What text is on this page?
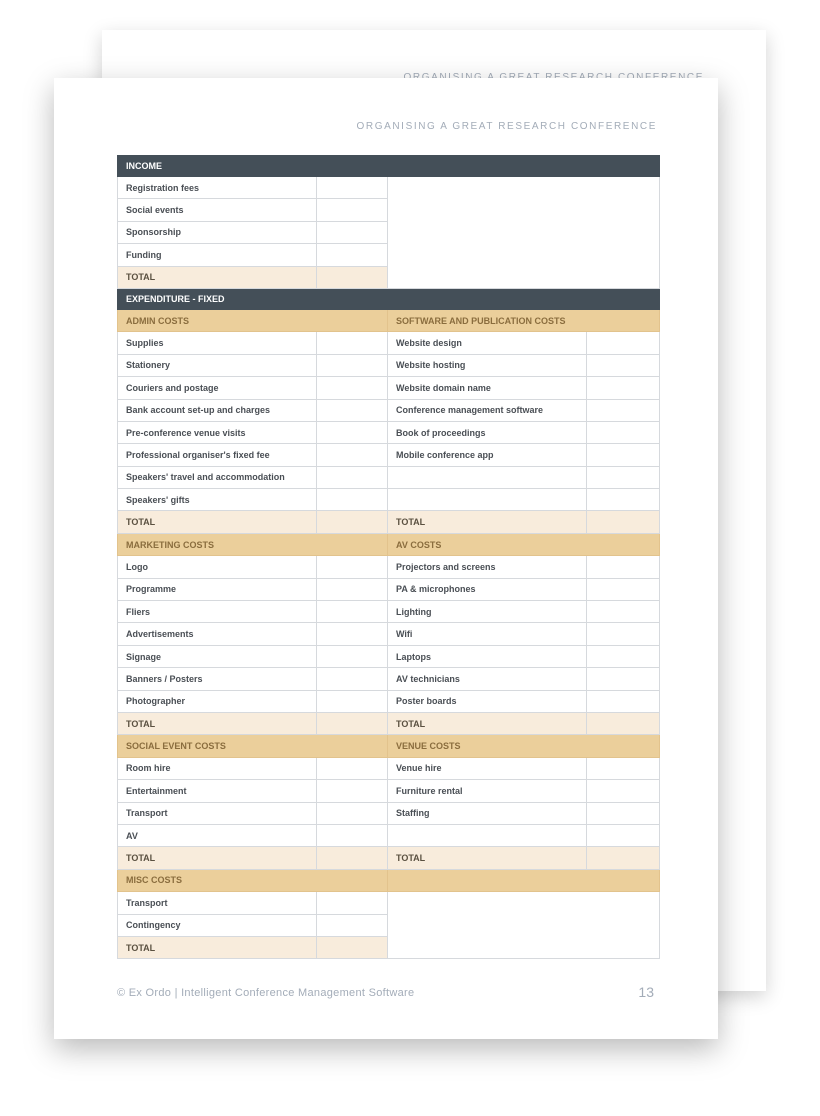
ORGANISING A GREAT RESEARCH CONFERENCE
INCOME			
Registration fees			
Social events			
Sponsorship			
Funding			
TOTAL			
EXPENDITURE - FIXED			
ADMIN COSTS		SOFTWARE AND PUBLICATION COSTS	
Supplies		Website design	
Stationery		Website hosting	
Couriers and postage		Website domain name	
Bank account set-up and charges		Conference management software	
Pre-conference venue visits		Book of proceedings	
Professional organiser's fixed fee		Mobile conference app	
Speakers' travel and accommodation			
Speakers' gifts			
TOTAL		TOTAL	
MARKETING COSTS		AV COSTS	
Logo		Projectors and screens	
Programme		PA & microphones	
Fliers		Lighting	
Advertisements		Wifi	
Signage		Laptops	
Banners / Posters		AV technicians	
Photographer		Poster boards	
TOTAL		TOTAL	
SOCIAL EVENT COSTS		VENUE COSTS	
Room hire		Venue hire	
Entertainment		Furniture rental	
Transport		Staffing	
AV			
TOTAL		TOTAL	
MISC COSTS			
Transport			
Contingency			
TOTAL			
© Ex Ordo | Intelligent Conference Management Software	13
